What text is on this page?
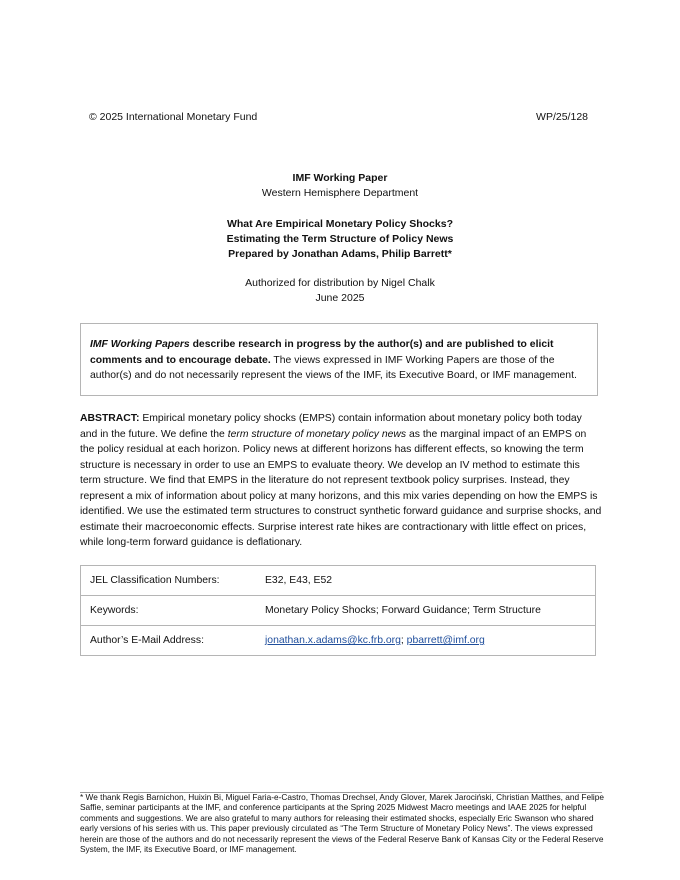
© 2025 International Monetary Fund	WP/25/128
IMF Working Paper
Western Hemisphere Department
What Are Empirical Monetary Policy Shocks?
Estimating the Term Structure of Policy News
Prepared by Jonathan Adams, Philip Barrett*
Authorized for distribution by Nigel Chalk
June 2025
IMF Working Papers describe research in progress by the author(s) and are published to elicit comments and to encourage debate. The views expressed in IMF Working Papers are those of the author(s) and do not necessarily represent the views of the IMF, its Executive Board, or IMF management.
ABSTRACT: Empirical monetary policy shocks (EMPS) contain information about monetary policy both today and in the future. We define the term structure of monetary policy news as the marginal impact of an EMPS on the policy residual at each horizon. Policy news at different horizons has different effects, so knowing the term structure is necessary in order to use an EMPS to evaluate theory. We develop an IV method to estimate this term structure. We find that EMPS in the literature do not represent textbook policy surprises. Instead, they represent a mix of information about policy at many horizons, and this mix varies depending on how the EMPS is identified. We use the estimated term structures to construct synthetic forward guidance and surprise shocks, and estimate their macroeconomic effects. Surprise interest rate hikes are contractionary with little effect on prices, while long-term forward guidance is deflationary.
JEL Classification Numbers:	E32, E43, E52
Keywords:	Monetary Policy Shocks; Forward Guidance; Term Structure
Author’s E-Mail Address:	jonathan.x.adams@kc.frb.org; pbarrett@imf.org
* We thank Regis Barnichon, Huixin Bi, Miguel Faria-e-Castro, Thomas Drechsel, Andy Glover, Marek Jarociński, Christian Matthes, and Felipe Saffie, seminar participants at the IMF, and conference participants at the Spring 2025 Midwest Macro meetings and IAAE 2025 for helpful comments and suggestions. We are also grateful to many authors for releasing their estimated shocks, especially Eric Swanson who shared early versions of his series with us. This paper previously circulated as “The Term Structure of Monetary Policy News”. The views expressed herein are those of the authors and do not necessarily represent the views of the Federal Reserve Bank of Kansas City or the Federal Reserve System, the IMF, its Executive Board, or IMF management.
